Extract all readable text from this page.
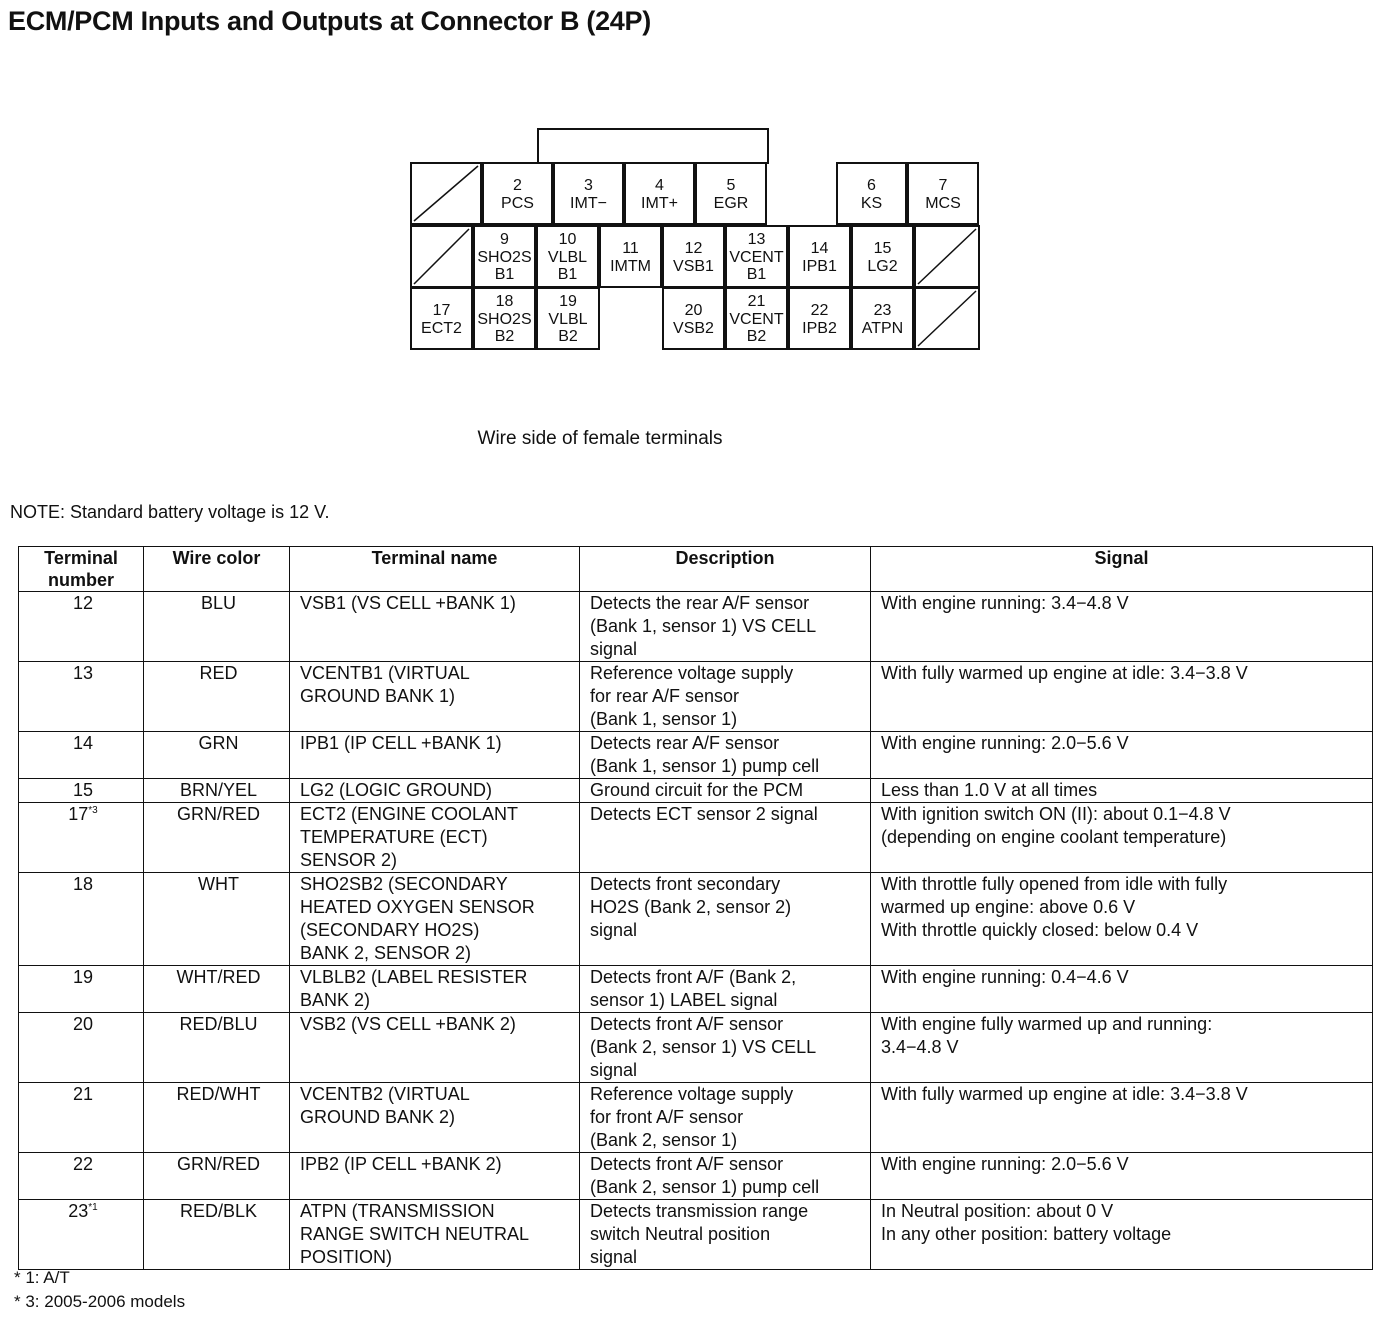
ECM/PCM Inputs and Outputs at Connector B (24P)
2
PCS
3
IMT−
4
IMT+
5
EGR
6
KS
7
MCS
9
SHO2S
B1
10
VLBL
B1
11
IMTM
12
VSB1
13
VCENT
B1
14
IPB1
15
LG2
17
ECT2
18
SHO2S
B2
19
VLBL
B2
20
VSB2
21
VCENT
B2
22
IPB2
23
ATPN
Wire side of female terminals
NOTE: Standard battery voltage is 12 V.
Terminal number	Wire color	Terminal name	Description	Signal
12	BLU	VSB1 (VS CELL +BANK 1)	Detects the rear A/F sensor
(Bank 1, sensor 1) VS CELL
signal	With engine running: 3.4−4.8 V
13	RED	VCENTB1 (VIRTUAL
GROUND BANK 1)	Reference voltage supply
for rear A/F sensor
(Bank 1, sensor 1)	With fully warmed up engine at idle: 3.4−3.8 V
14	GRN	IPB1 (IP CELL +BANK 1)	Detects rear A/F sensor
(Bank 1, sensor 1) pump cell	With engine running: 2.0−5.6 V
15	BRN/YEL	LG2 (LOGIC GROUND)	Ground circuit for the PCM	Less than 1.0 V at all times
17$^{*3}$	GRN/RED	ECT2 (ENGINE COOLANT
TEMPERATURE (ECT)
SENSOR 2)	Detects ECT sensor 2 signal	With ignition switch ON (II): about 0.1−4.8 V
(depending on engine coolant temperature)
18	WHT	SHO2SB2 (SECONDARY
HEATED OXYGEN SENSOR
(SECONDARY HO2S)
BANK 2, SENSOR 2)	Detects front secondary
HO2S (Bank 2, sensor 2)
signal	With throttle fully opened from idle with fully
warmed up engine: above 0.6 V
With throttle quickly closed: below 0.4 V
19	WHT/RED	VLBLB2 (LABEL RESISTER
BANK 2)	Detects front A/F (Bank 2,
sensor 1) LABEL signal	With engine running: 0.4−4.6 V
20	RED/BLU	VSB2 (VS CELL +BANK 2)	Detects front A/F sensor
(Bank 2, sensor 1) VS CELL
signal	With engine fully warmed up and running:
3.4−4.8 V
21	RED/WHT	VCENTB2 (VIRTUAL
GROUND BANK 2)	Reference voltage supply
for front A/F sensor
(Bank 2, sensor 1)	With fully warmed up engine at idle: 3.4−3.8 V
22	GRN/RED	IPB2 (IP CELL +BANK 2)	Detects front A/F sensor
(Bank 2, sensor 1) pump cell	With engine running: 2.0−5.6 V
23$^{*1}$	RED/BLK	ATPN (TRANSMISSION
RANGE SWITCH NEUTRAL
POSITION)	Detects transmission range
switch Neutral position
signal	In Neutral position: about 0 V
In any other position: battery voltage
* 1: A/T
* 3: 2005-2006 models
